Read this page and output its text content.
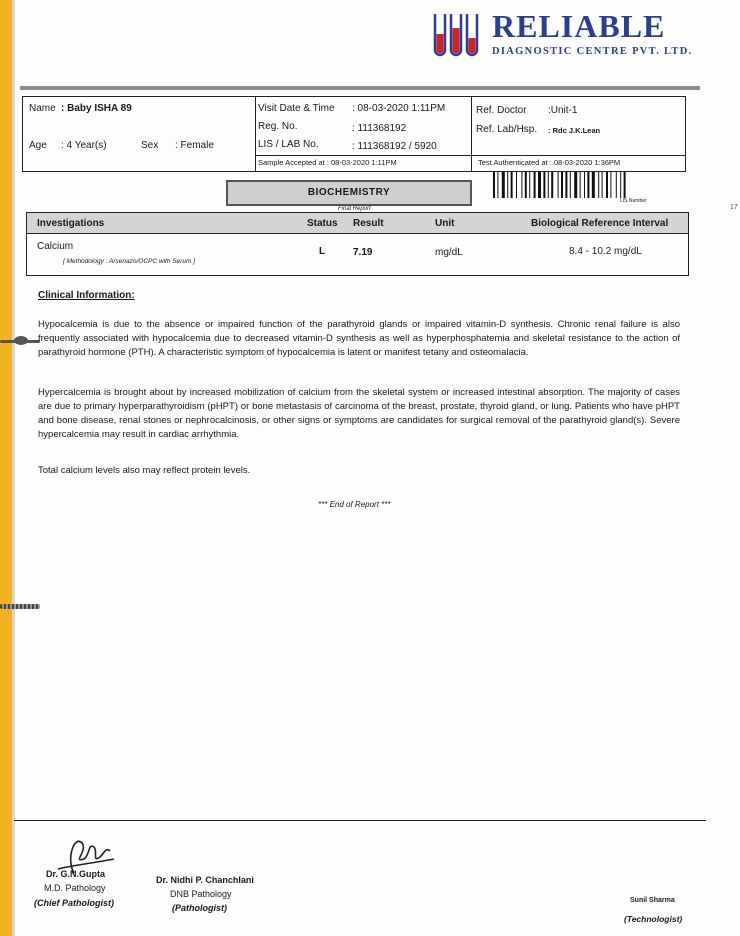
RELIABLE
DIAGNOSTIC CENTRE PVT. LTD.
Name : Baby ISHA 89
Age : 4 Year(s)	Sex : Female
Visit Date & Time : 08-03-2020 1:11PM
Reg. No.	: 111368192
LIS / LAB No.	: 111368192 / 5920
Sample Accepted at : 08-03-2020 1:11PM
Ref. Doctor :Unit-1
Ref. Lab/Hsp. : Rdc J.K.Lean
Test Authenticated at : 08-03-2020 1:36PM
BIOCHEMISTRY
LIS Number
Final Report
Investigations	Status Result	Unit	Biological Reference Interval
Calcium
[ Methodology : Arsenazo/OCPC with Serum ]
L	7.19	mg/dL	8.4 - 10.2 mg/dL
Clinical Information:
Hypocalcemia is due to the absence or impaired function of the parathyroid glands or impaired vitamin-D synthesis. Chronic renal failure is also frequently associated with hypocalcemia due to decreased vitamin-D synthesis as well as hyperphosphatemia and skeletal resistance to the action of parathyroid hormone (PTH). A characteristic symptom of hypocalcemia is latent or manifest tetany and osteomalacia.
Hypercalcemia is brought about by increased mobilization of calcium from the skeletal system or increased intestinal absorption. The majority of cases are due to primary hyperparathyroidism (pHPT) or bone metastasis of carcinoma of the breast, prostate, thyroid gland, or lung. Patients who have pHPT and bone disease, renal stones or nephrocalcinosis, or other signs or symptoms are candidates for surgical removal of the parathyroid gland(s). Severe hypercalcemia may result in cardiac arrhythmia.
Total calcium levels also may reflect protein levels.
*** End of Report ***
Dr. G.N.Gupta
M.D. Pathology
(Chief Pathologist)
Dr. Nidhi P. Chanchlani
DNB Pathology
(Pathologist)
Sunil Sharma
(Technologist)
17
